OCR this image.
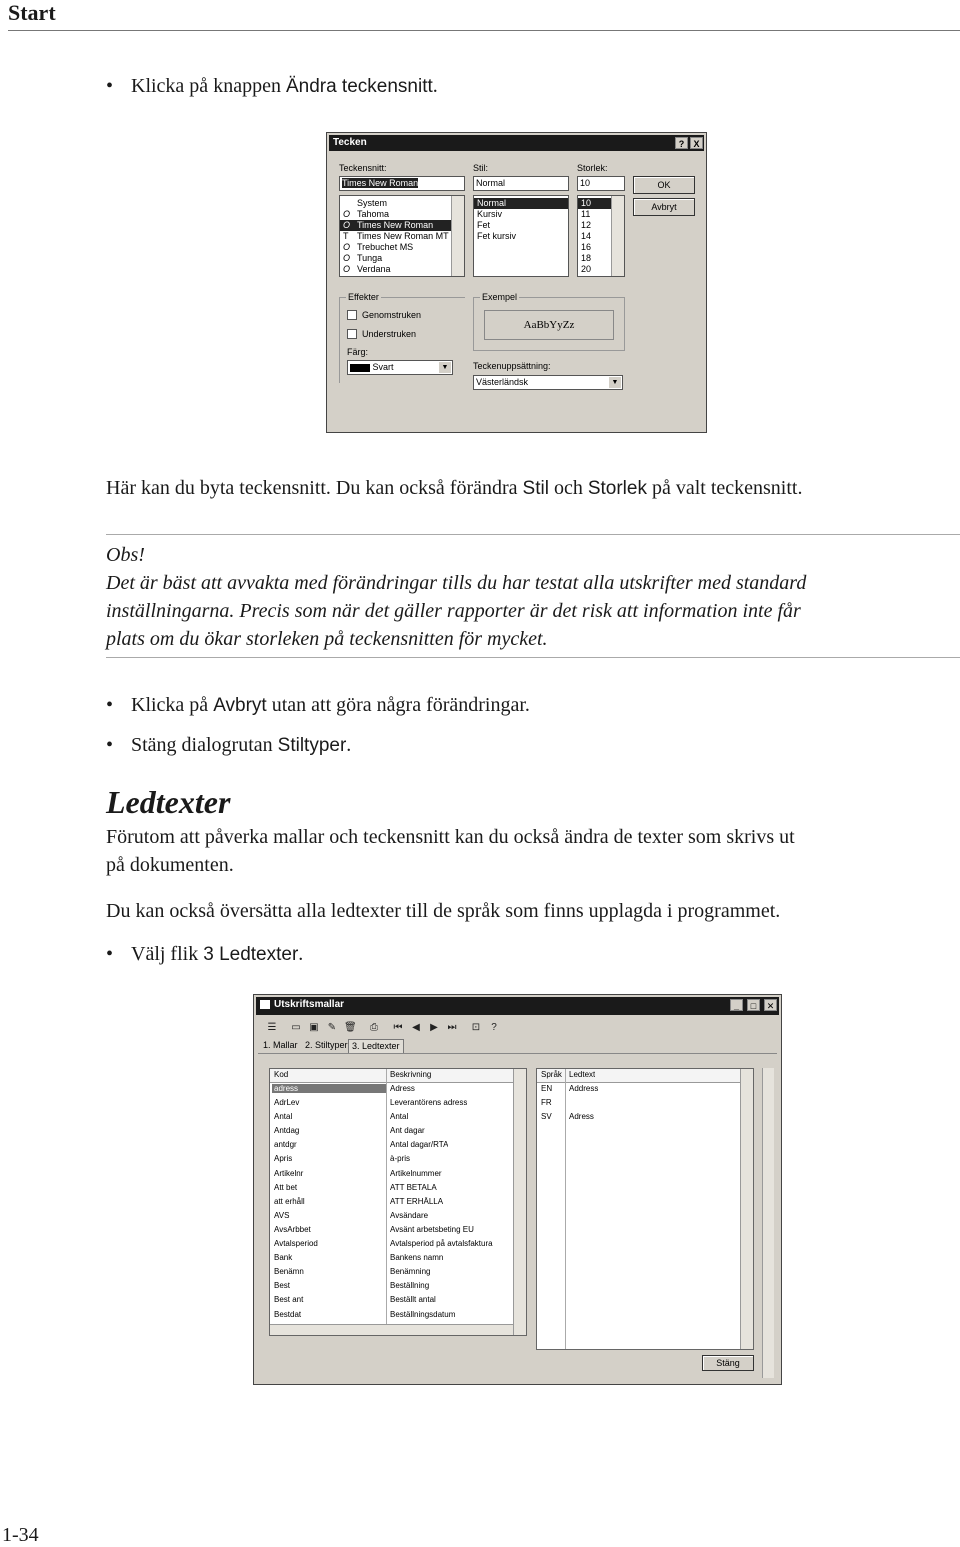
Start
• Klicka på knappen Ändra teckensnitt.
Tecken	?	X
Teckensnitt:
Times New Roman
System
O Tahoma
O Times New Roman
T Times New Roman MT
O Trebuchet MS
O Tunga
O Verdana
Stil:
Normal
Normal
Kursiv
Fet
Fet kursiv
Storlek:
10
10
11
12
14
16
18
20
OK
Avbryt
Effekter
Genomstruken
Understruken
Färg:
Svart	▼
Exempel
AaBbYyZz
Teckenuppsättning:
Västerländsk	▼
Här kan du byta teckensnitt. Du kan också förändra Stil och Storlek på valt teckensnitt.
Obs!
Det är bäst att avvakta med förändringar tills du har testat alla utskrifter med standard
inställningarna. Precis som när det gäller rapporter är det risk att information inte får
plats om du ökar storleken på teckensnitten för mycket.
• Klicka på Avbryt utan att göra några förändringar.
• Stäng dialogrutan Stiltyper.
Ledtexter
Förutom att påverka mallar och teckensnitt kan du också ändra de texter som skrivs ut
på dokumenten.
Du kan också översätta alla ledtexter till de språk som finns upplagda i programmet.
• Välj flik 3 Ledtexter.
Utskriftsmallar	_	□	✕
☰ ▭ ▣ ✎ 🗑 ⎙ ⏮ ◀ ▶ ⏭ ⊡	?
1. Mallar 2. Stiltyper 3. Ledtexter
Kod	Beskrivning
adress	Adress
AdrLev	Leverantörens adress
Antal	Antal
Antdag	Ant dagar
antdgr	Antal dagar/RTA
Apris	à-pris
Artikelnr	Artikelnummer
Att bet	ATT BETALA
att erhåll	ATT ERHÅLLA
AVS	Avsändare
AvsArbbet	Avsänt arbetsbeting EU
Avtalsperiod	Avtalsperiod på avtalsfaktura
Bank	Bankens namn
Benämn	Benämning
Best	Beställning
Best ant	Beställt antal
Bestdat	Beställningsdatum
Språk Ledtext
EN	Address
FR
SV	Adress
Stäng
1-34
